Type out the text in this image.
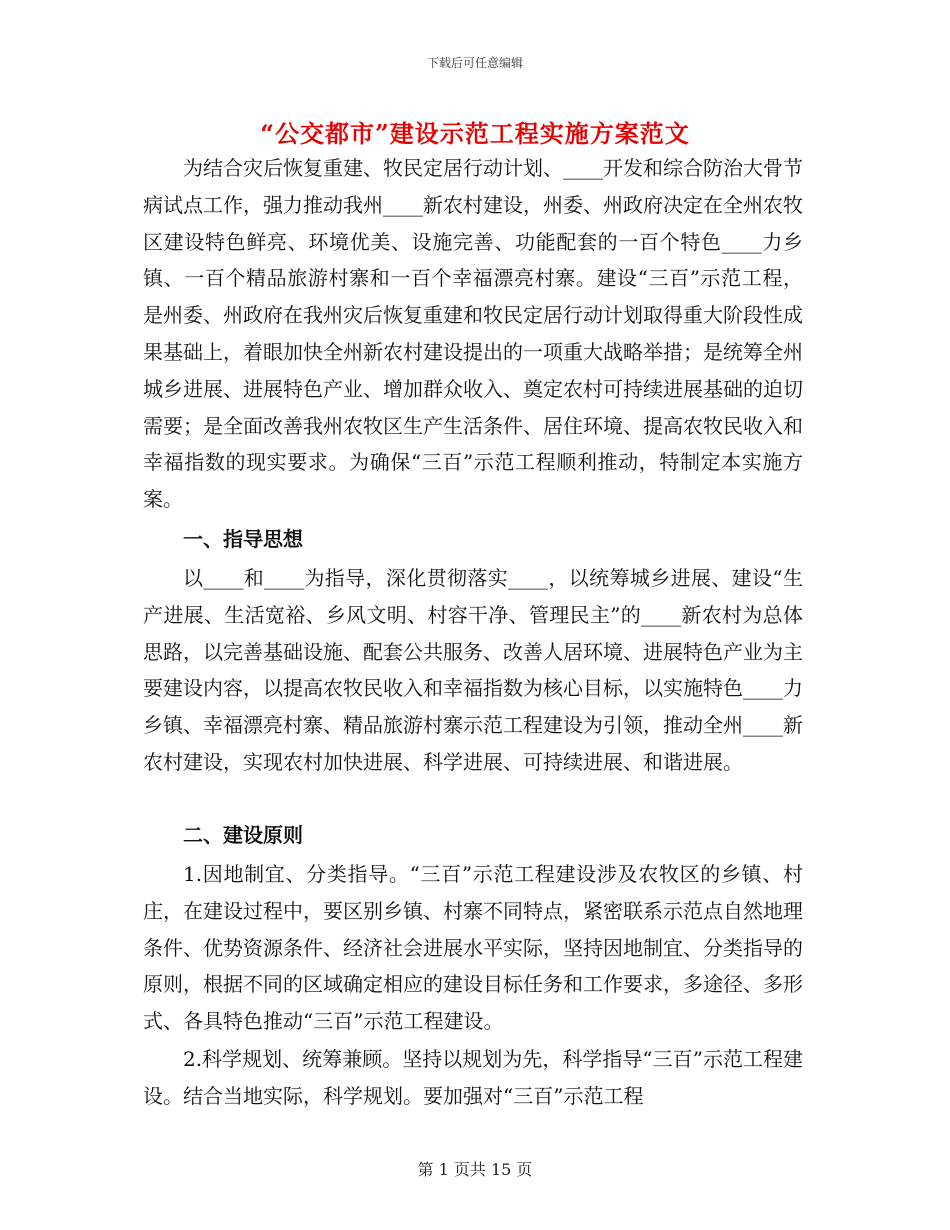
下载后可任意编辑
“公交都市”建设示范工程实施方案范文

为结合灾后恢复重建、牧民定居行动计划、____开发和综合防治大骨节病试点工作，强力推动我州____新农村建设，州委、州政府决定在全州农牧区建设特色鲜亮、环境优美、设施完善、功能配套的一百个特色____力乡镇、一百个精品旅游村寨和一百个幸福漂亮村寨。建设“三百”示范工程，是州委、州政府在我州灾后恢复重建和牧民定居行动计划取得重大阶段性成果基础上，着眼加快全州新农村建设提出的一项重大战略举措；是统筹全州城乡进展、进展特色产业、增加群众收入、奠定农村可持续进展基础的迫切需要；是全面改善我州农牧区生产生活条件、居住环境、提高农牧民收入和幸福指数的现实要求。为确保“三百”示范工程顺利推动，特制定本实施方案。

一、指导思想

以____和____为指导，深化贯彻落实____，以统筹城乡进展、建设“生产进展、生活宽裕、乡风文明、村容干净、管理民主”的____新农村为总体思路，以完善基础设施、配套公共服务、改善人居环境、进展特色产业为主要建设内容，以提高农牧民收入和幸福指数为核心目标，以实施特色____力乡镇、幸福漂亮村寨、精品旅游村寨示范工程建设为引领，推动全州____新农村建设，实现农村加快进展、科学进展、可持续进展、和谐进展。

二、建设原则

1.因地制宜、分类指导。“三百”示范工程建设涉及农牧区的乡镇、村庄，在建设过程中，要区别乡镇、村寨不同特点，紧密联系示范点自然地理条件、优势资源条件、经济社会进展水平实际，坚持因地制宜、分类指导的原则，根据不同的区域确定相应的建设目标任务和工作要求，多途径、多形式、各具特色推动“三百”示范工程建设。

2.科学规划、统筹兼顾。坚持以规划为先，科学指导“三百”示范工程建设。结合当地实际，科学规划。要加强对“三百”示范工程

第 1 页共 15 页
